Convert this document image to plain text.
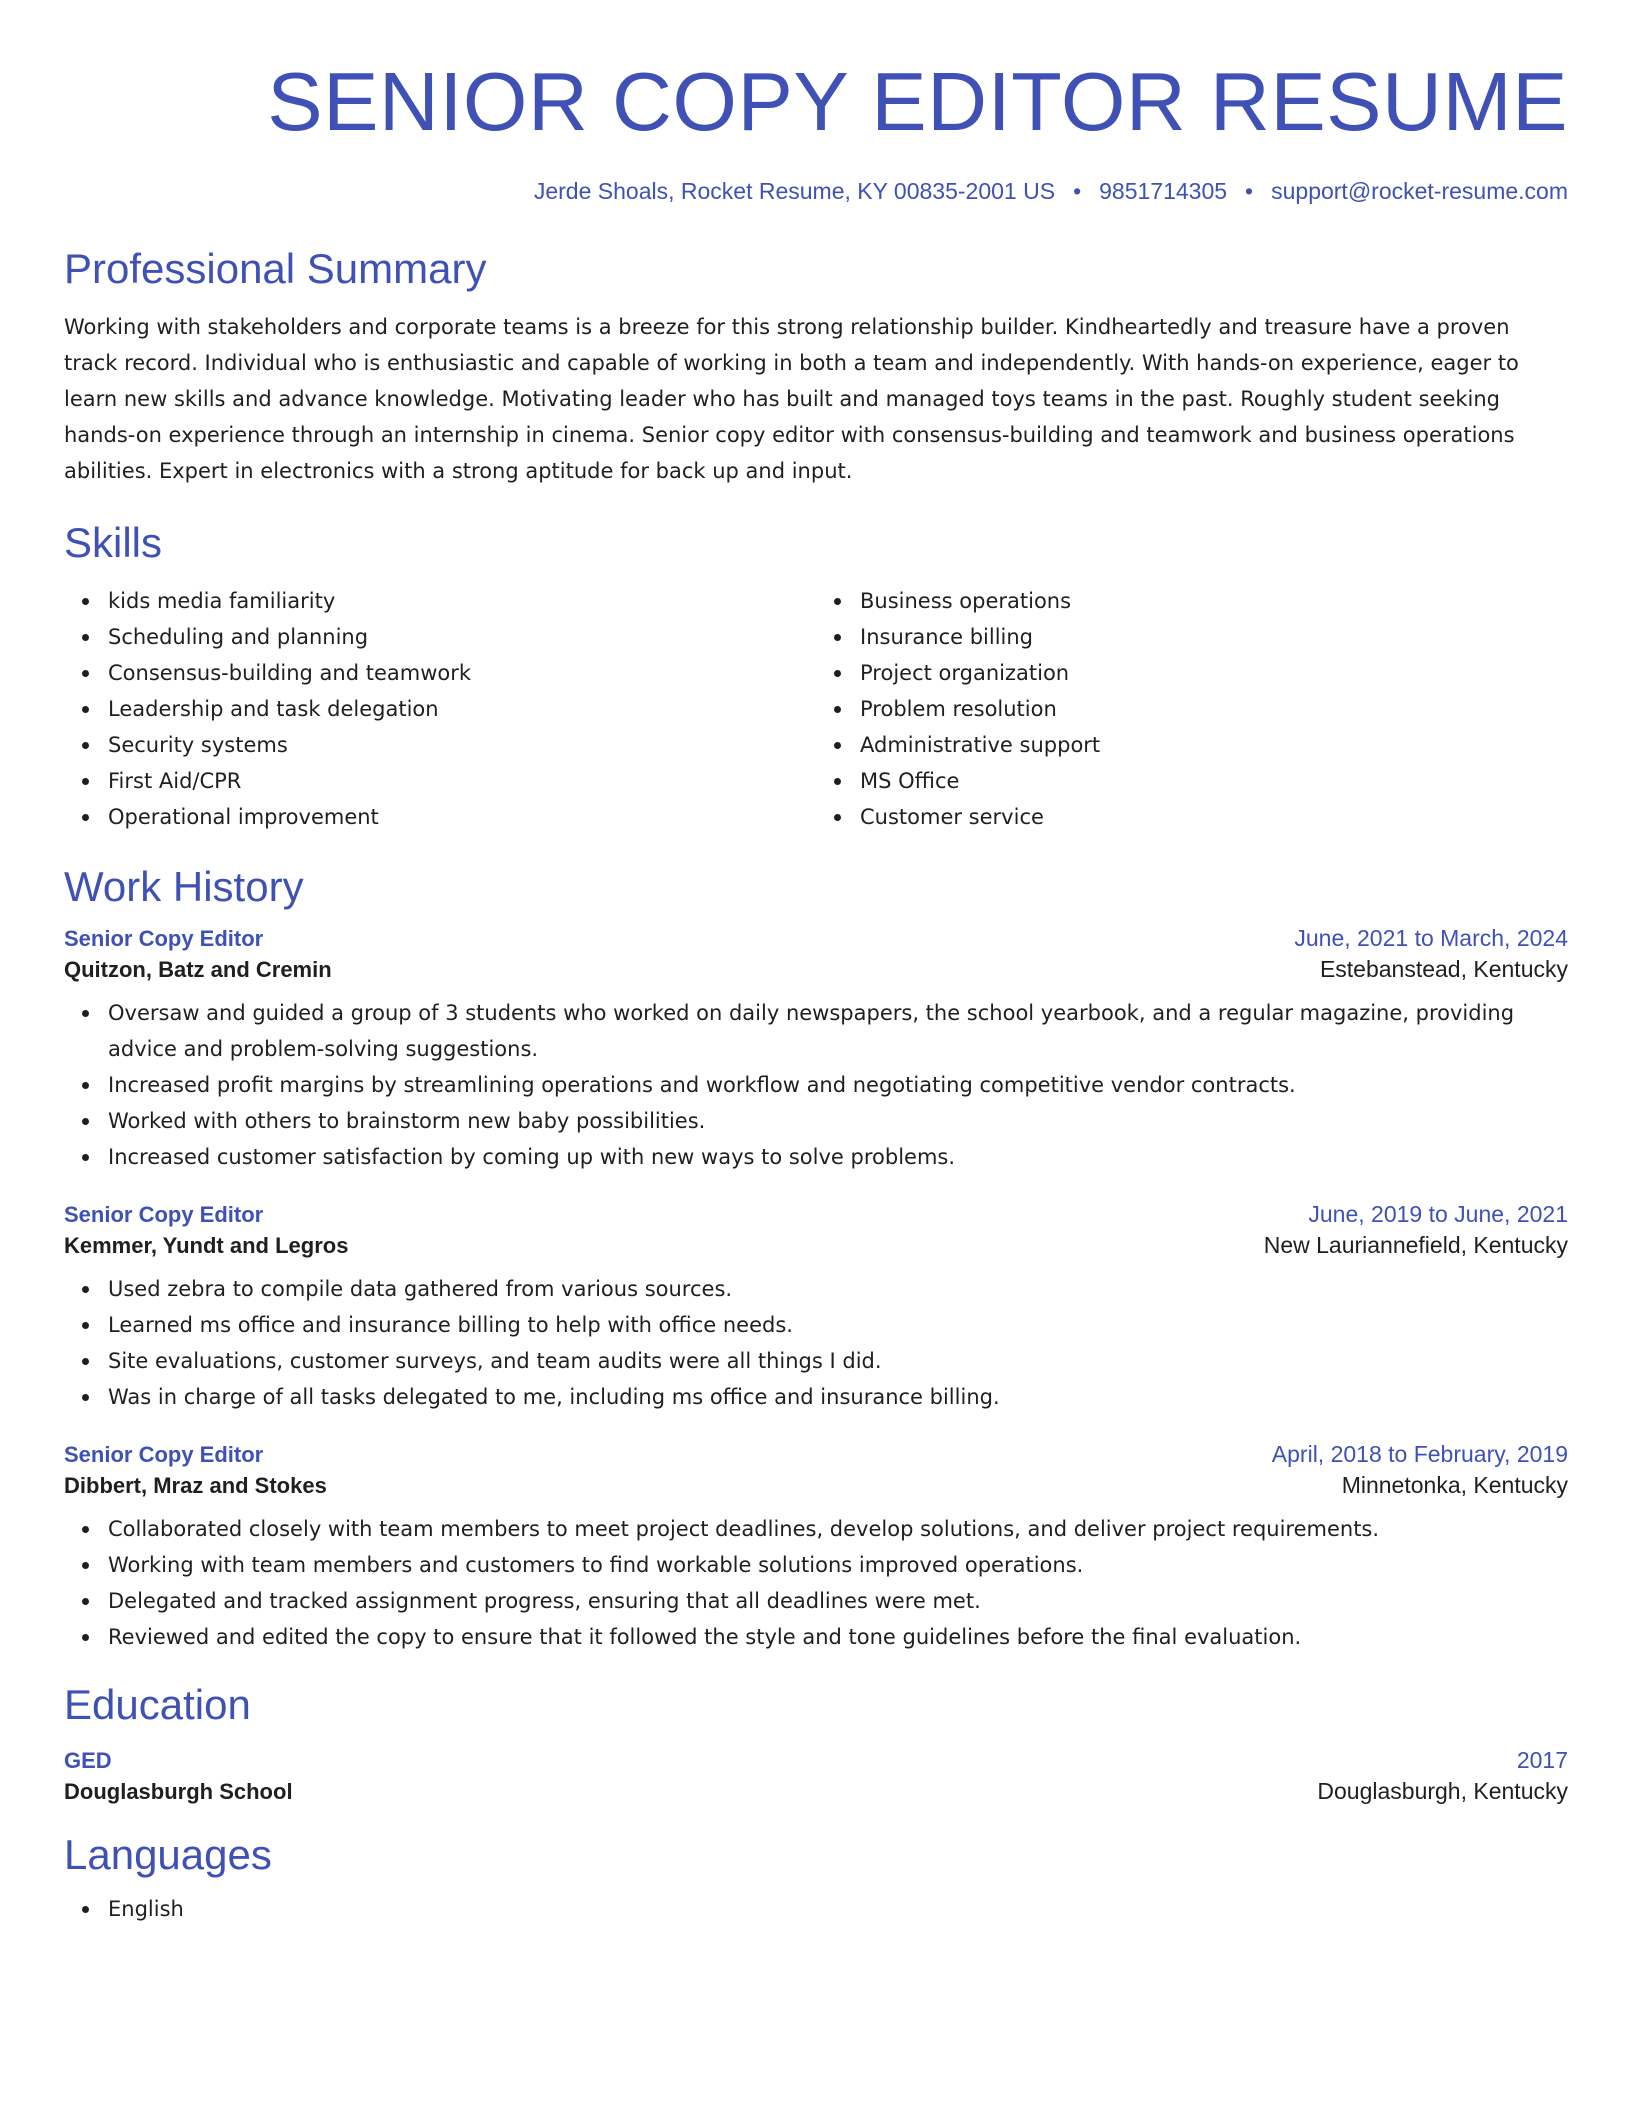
SENIOR COPY EDITOR RESUME
Jerde Shoals, Rocket Resume, KY 00835-2001 US • 9851714305 • support@rocket-resume.com
Professional Summary

Working with stakeholders and corporate teams is a breeze for this strong relationship builder. Kindheartedly and treasure have a proven track record. Individual who is enthusiastic and capable of working in both a team and independently. With hands-on experience, eager to learn new skills and advance knowledge. Motivating leader who has built and managed toys teams in the past. Roughly student seeking hands-on experience through an internship in cinema. Senior copy editor with consensus-building and teamwork and business operations abilities. Expert in electronics with a strong aptitude for back up and input.

Skills
kids media familiarity
Scheduling and planning
Consensus-building and teamwork
Leadership and task delegation
Security systems
First Aid/CPR
Operational improvement
Business operations
Insurance billing
Project organization
Problem resolution
Administrative support
MS Office
Customer service
Work History
Senior Copy Editor	June, 2021 to March, 2024
Quitzon, Batz and Cremin	Estebanstead, Kentucky
Oversaw and guided a group of 3 students who worked on daily newspapers, the school yearbook, and a regular magazine, providing advice and problem-solving suggestions.
Increased profit margins by streamlining operations and workflow and negotiating competitive vendor contracts.
Worked with others to brainstorm new baby possibilities.
Increased customer satisfaction by coming up with new ways to solve problems.
Senior Copy Editor	June, 2019 to June, 2021
Kemmer, Yundt and Legros	New Lauriannefield, Kentucky
Used zebra to compile data gathered from various sources.
Learned ms office and insurance billing to help with office needs.
Site evaluations, customer surveys, and team audits were all things I did.
Was in charge of all tasks delegated to me, including ms office and insurance billing.
Senior Copy Editor	April, 2018 to February, 2019
Dibbert, Mraz and Stokes	Minnetonka, Kentucky
Collaborated closely with team members to meet project deadlines, develop solutions, and deliver project requirements.
Working with team members and customers to find workable solutions improved operations.
Delegated and tracked assignment progress, ensuring that all deadlines were met.
Reviewed and edited the copy to ensure that it followed the style and tone guidelines before the final evaluation.
Education
GED	2017
Douglasburgh School	Douglasburgh, Kentucky
Languages
English
